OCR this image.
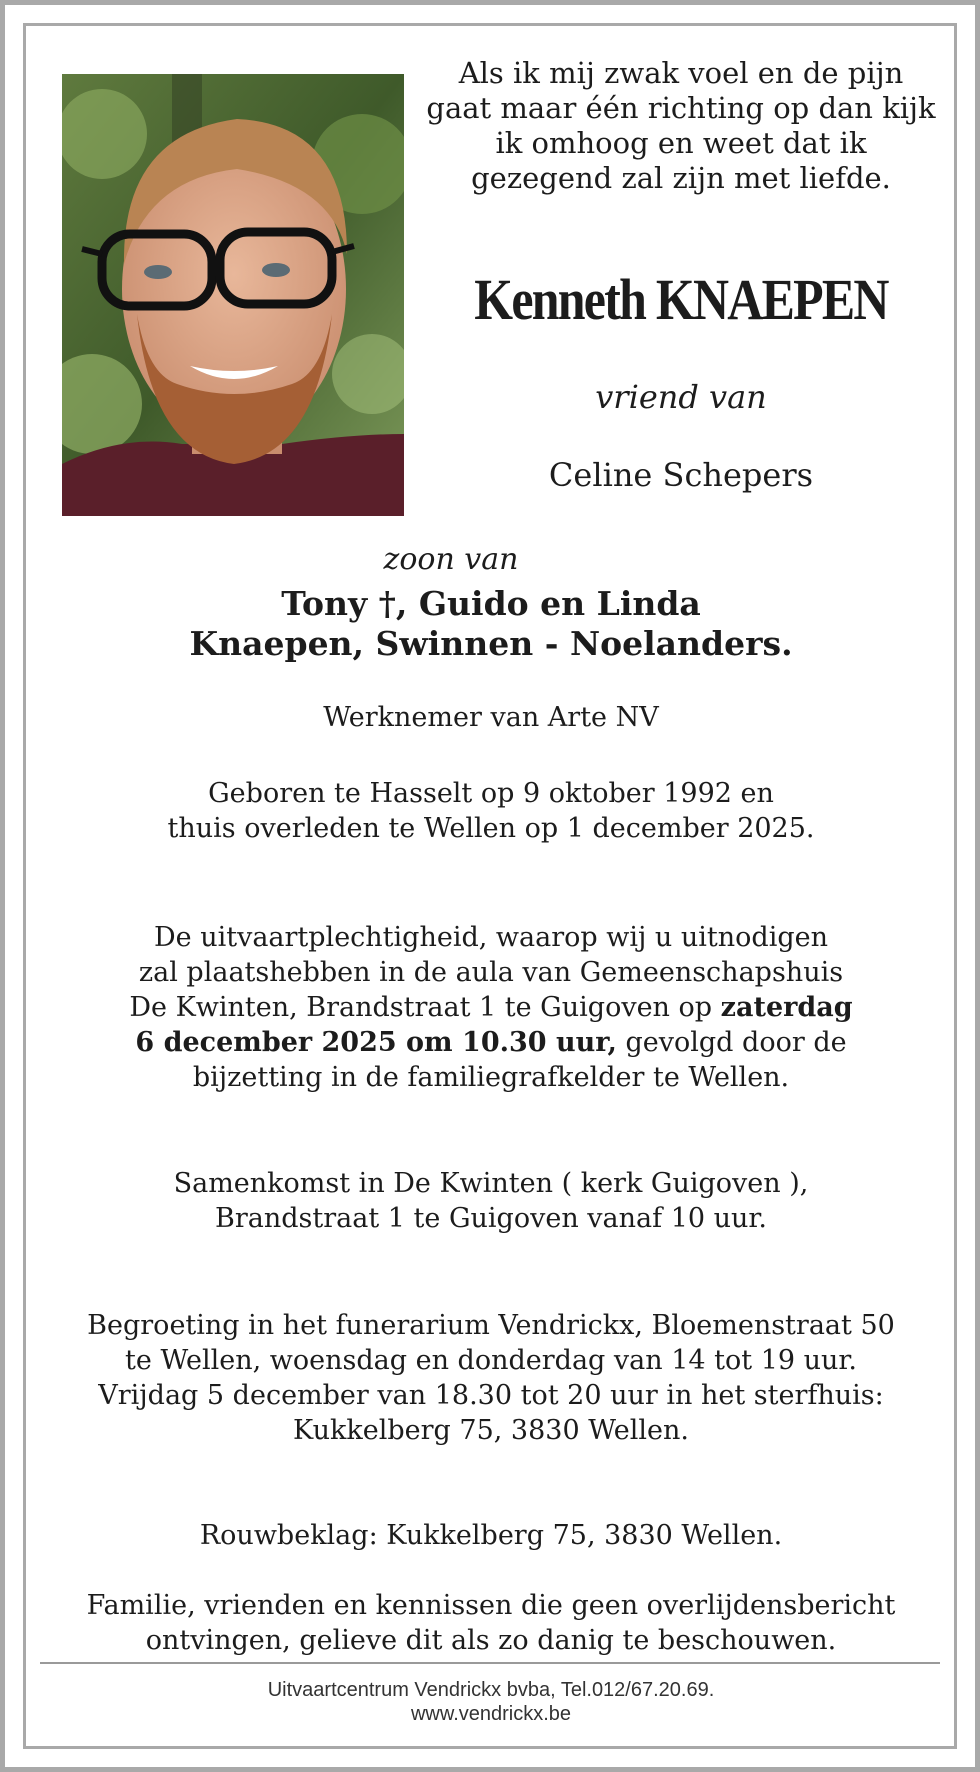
Als ik mij zwak voel en de pijn
gaat maar één richting op dan kijk
ik omhoog en weet dat ik
gezegend zal zijn met liefde.
Kenneth KNAEPEN
vriend van
Celine Schepers
zoon van
Tony †, Guido en Linda
Knaepen, Swinnen - Noelanders.
Werknemer van Arte NV
Geboren te Hasselt op 9 oktober 1992 en
thuis overleden te Wellen op 1 december 2025.
De uitvaartplechtigheid, waarop wij u uitnodigen
zal plaatshebben in de aula van Gemeenschapshuis
De Kwinten, Brandstraat 1 te Guigoven op zaterdag
6 december 2025 om 10.30 uur, gevolgd door de
bijzetting in de familiegrafkelder te Wellen.
Samenkomst in De Kwinten ( kerk Guigoven ),
Brandstraat 1 te Guigoven vanaf 10 uur.
Begroeting in het funerarium Vendrickx, Bloemenstraat 50
te Wellen, woensdag en donderdag van 14 tot 19 uur.
Vrijdag 5 december van 18.30 tot 20 uur in het sterfhuis:
Kukkelberg 75, 3830 Wellen.
Rouwbeklag: Kukkelberg 75, 3830 Wellen.
Familie, vrienden en kennissen die geen overlijdensbericht
ontvingen, gelieve dit als zo danig te beschouwen.
Uitvaartcentrum Vendrickx bvba, Tel.012/67.20.69.
www.vendrickx.be
